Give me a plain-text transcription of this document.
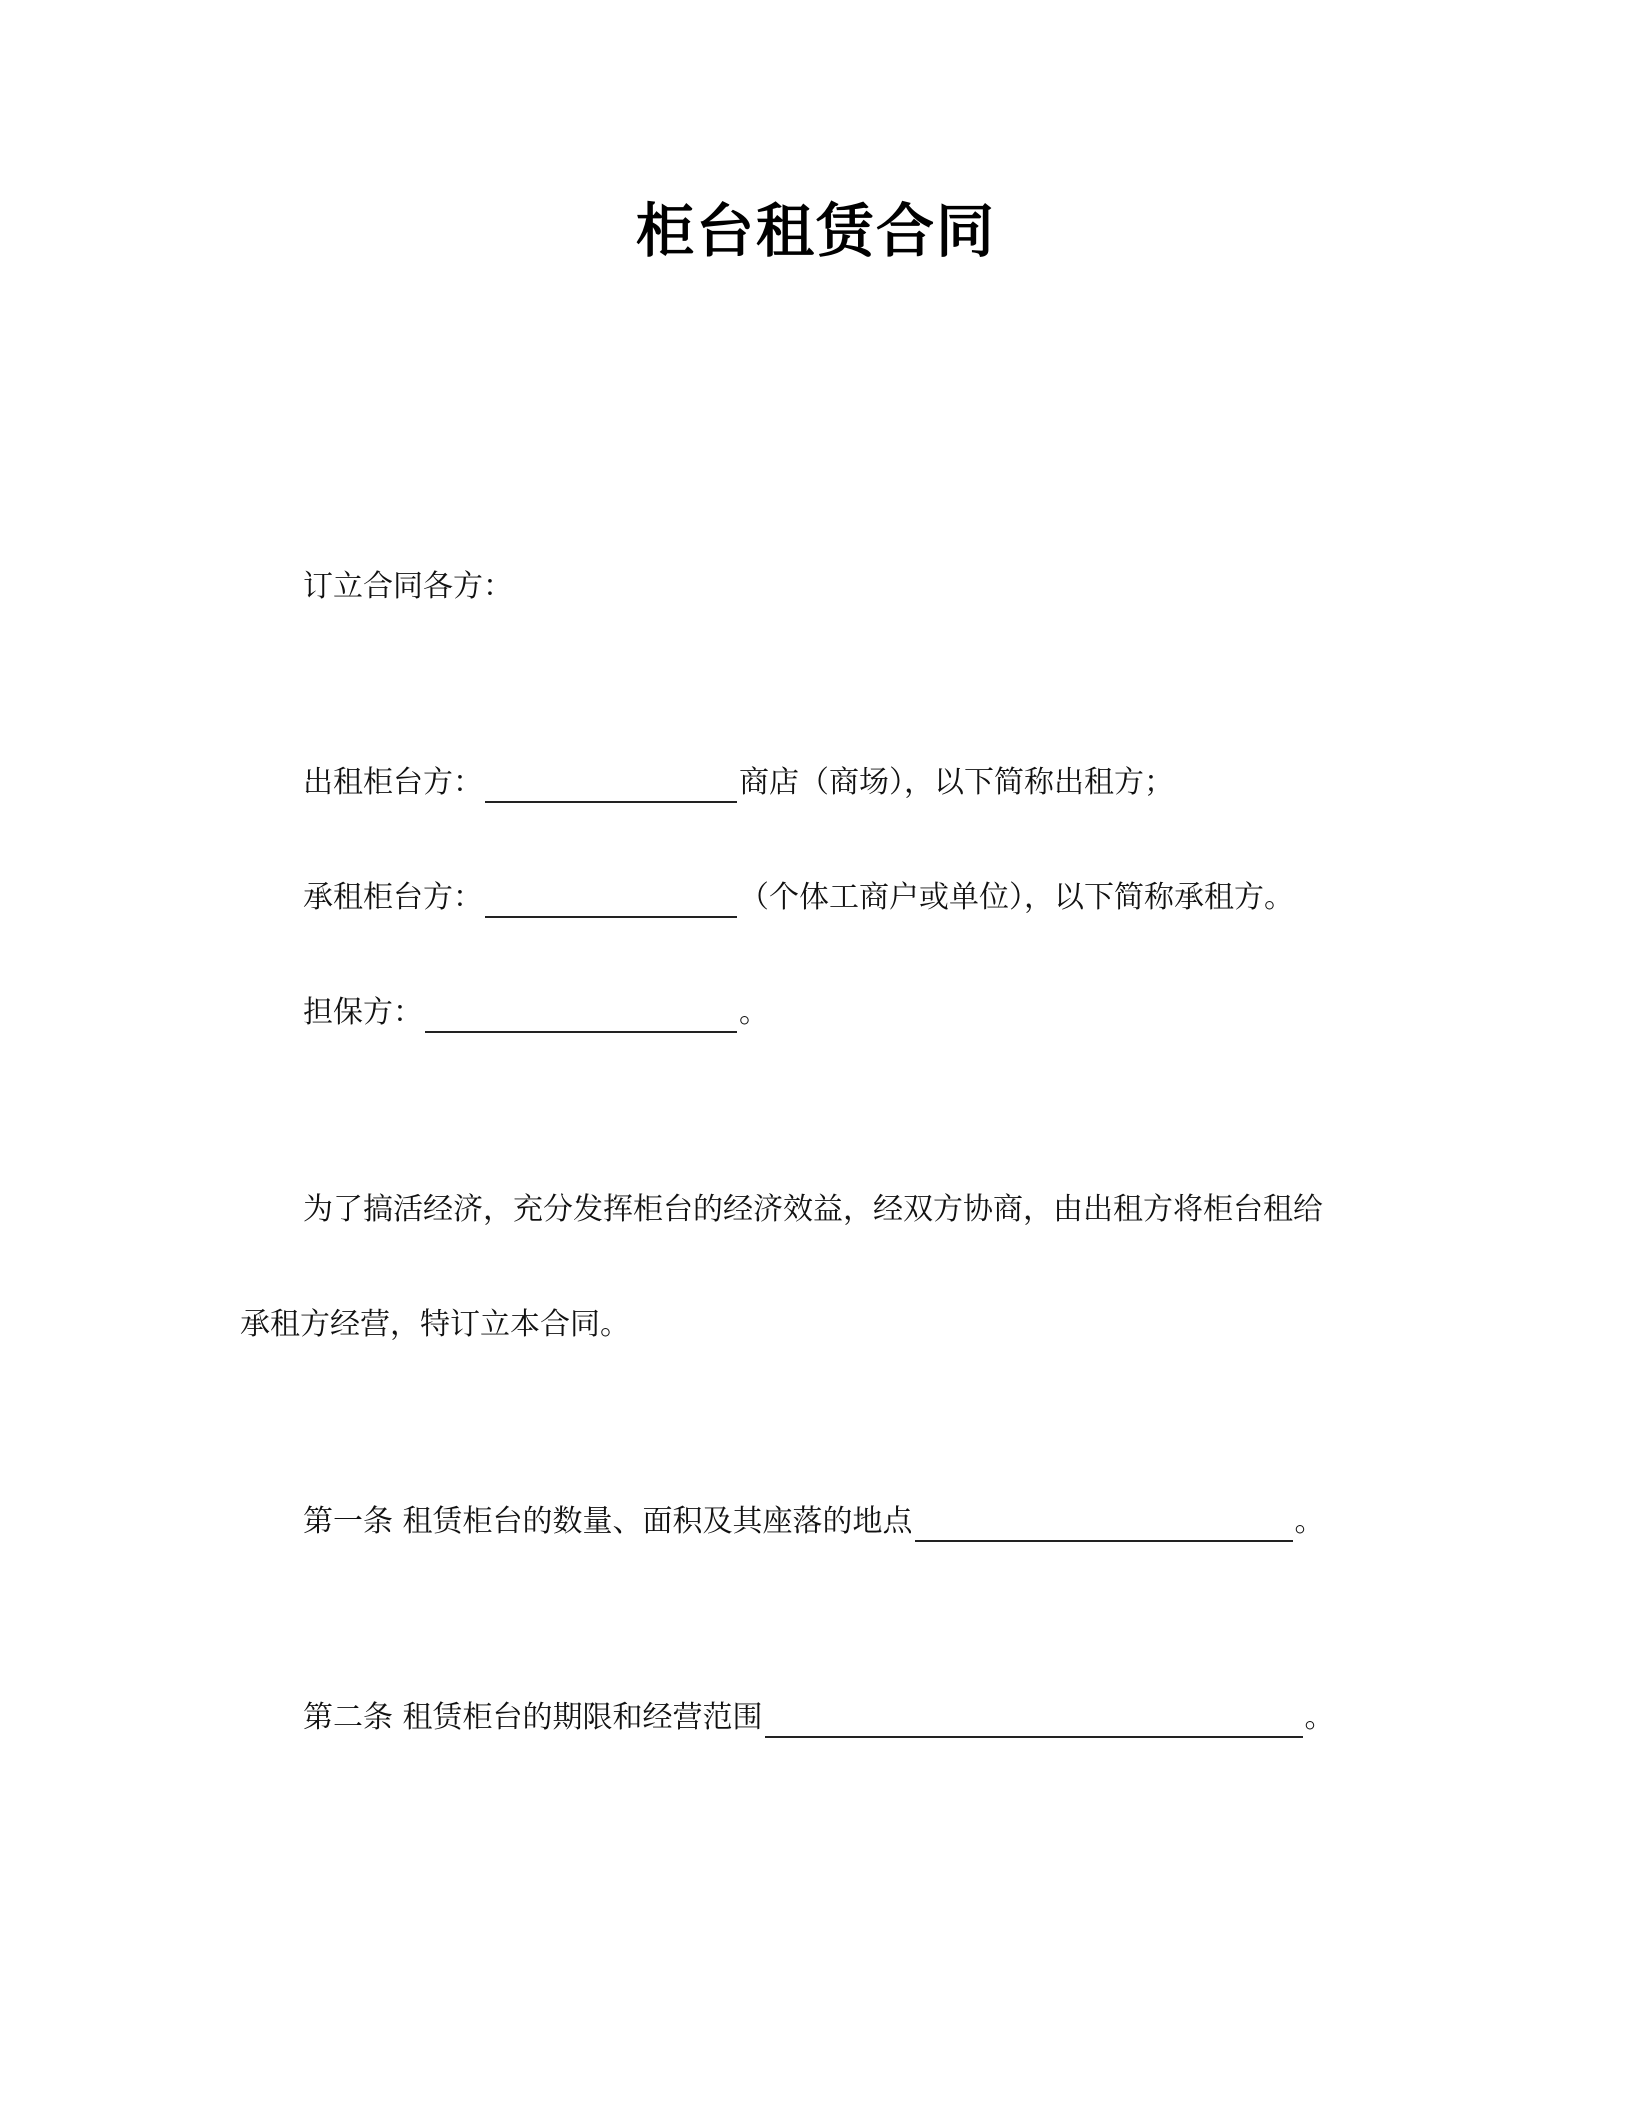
柜台租赁合同
订立合同各方：
出租柜台方：	商店（商场），以下简称出租方；
承租柜台方：	（个体工商户或单位），以下简称承租方。
担保方：	。
为了搞活经济，充分发挥柜台的经济效益，经双方协商，由出租方将柜台租给
承租方经营，特订立本合同。
第一条 租赁柜台的数量、面积及其座落的地点	。
第二条 租赁柜台的期限和经营范围	。
